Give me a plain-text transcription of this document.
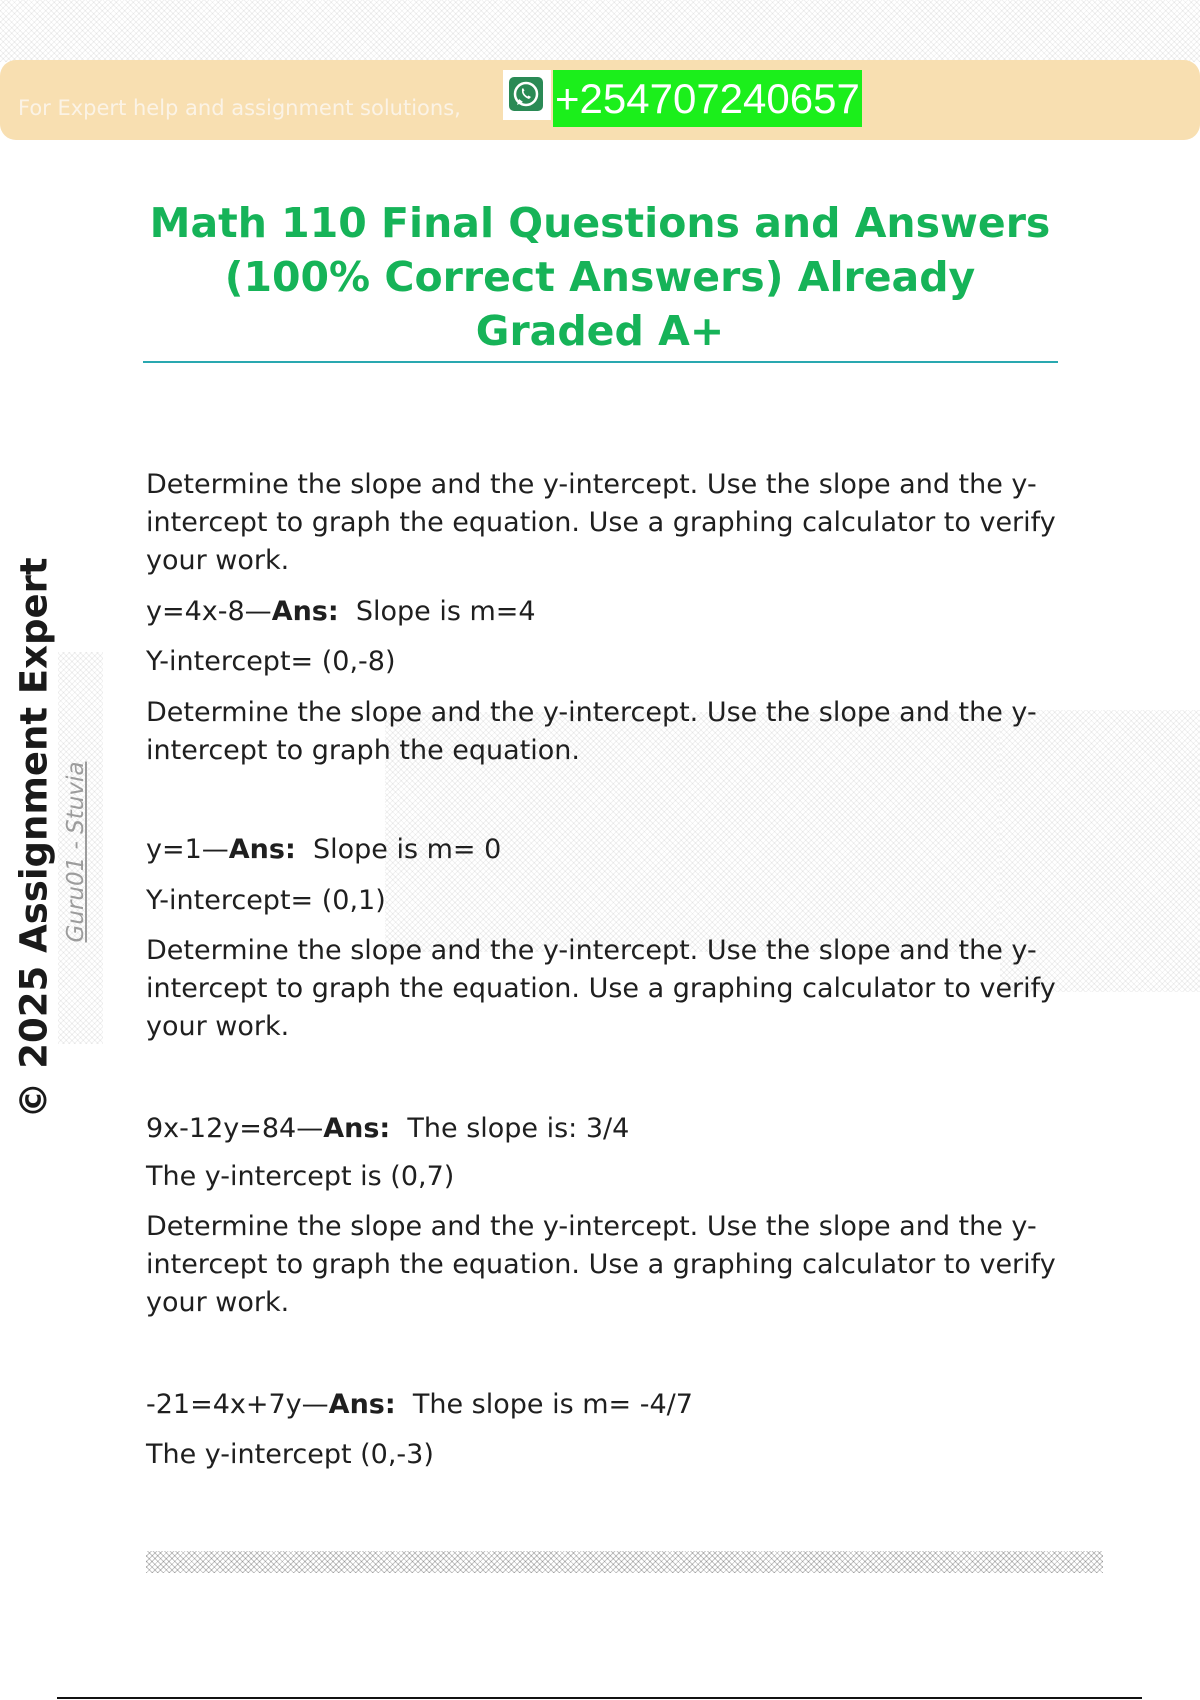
For Expert help and assignment solutions, +254707240657
Math 110 Final Questions and Answers (100% Correct Answers) Already Graded A+
© 2025 Assignment Expert Guru01 - Stuvia

Determine the slope and the y-intercept. Use the slope and the y-intercept to graph the equation. Use a graphing calculator to verify your work.

y=4x-8—Ans: Slope is m=4
Y-intercept= (0,-8)

Determine the slope and the y-intercept. Use the slope and the y-intercept to graph the equation.

y=1—Ans: Slope is m= 0
Y-intercept= (0,1)

Determine the slope and the y-intercept. Use the slope and the y-intercept to graph the equation. Use a graphing calculator to verify your work.

9x-12y=84—Ans: The slope is: 3/4
The y-intercept is (0,7)

Determine the slope and the y-intercept. Use the slope and the y-intercept to graph the equation. Use a graphing calculator to verify your work.

-21=4x+7y—Ans: The slope is m= -4/7
The y-intercept (0,-3)
